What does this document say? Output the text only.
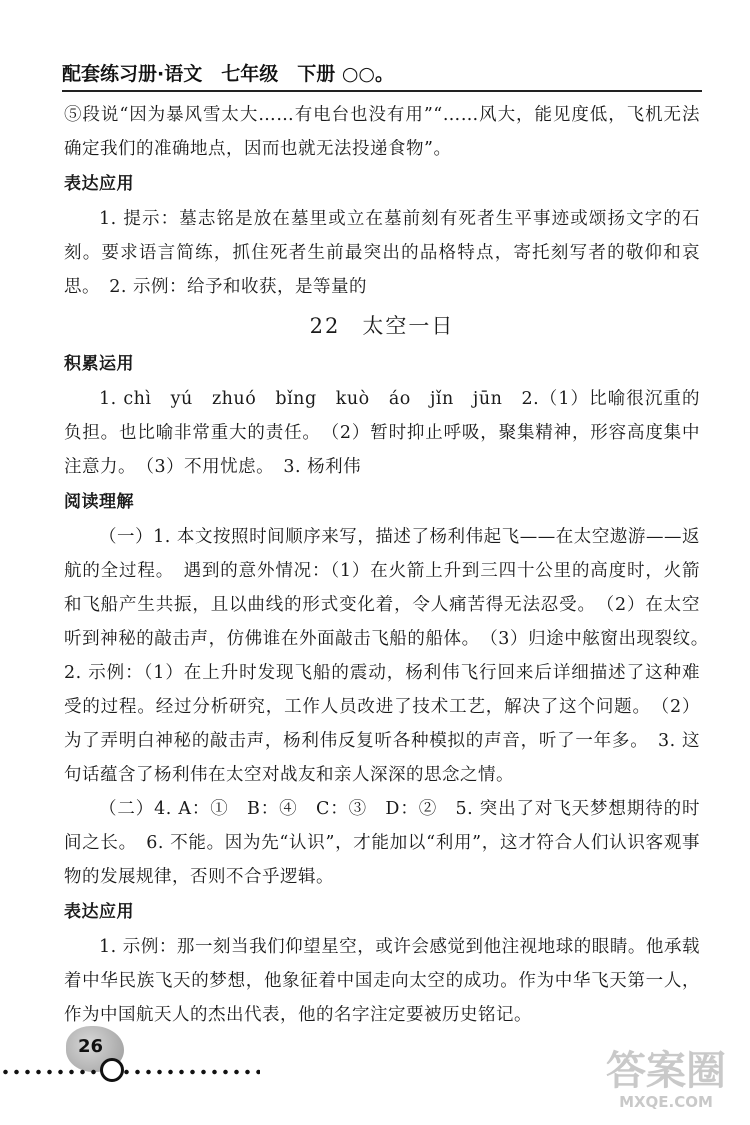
配套练习册·语文　七年级　下册 ○○。

⑤段说“因为暴风雪太大……有电台也没有用”“……风大，能见度低，飞机无法确定我们的准确地点，因而也就无法投递食物”。

表达应用

1. 提示：墓志铭是放在墓里或立在墓前刻有死者生平事迹或颂扬文字的石刻。要求语言简练，抓住死者生前最突出的品格特点，寄托刻写者的敬仰和哀思。　2. 示例：给予和收获，是等量的

22 太空一日
积累运用

1. chì　yú　zhuó　bǐng　kuò　áo　jǐn　jūn　2.（1）比喻很沉重的负担。也比喻非常重大的责任。　（2）暂时抑止呼吸，聚集精神，形容高度集中注意力。　（3）不用忧虑。　3. 杨利伟

阅读理解

（一）1. 本文按照时间顺序来写，描述了杨利伟起飞——在太空遨游——返航的全过程。　遇到的意外情况：（1）在火箭上升到三四十公里的高度时，火箭和飞船产生共振，且以曲线的形式变化着，令人痛苦得无法忍受。　（2）在太空听到神秘的敲击声，仿佛谁在外面敲击飞船的船体。　（3）归途中舷窗出现裂纹。　2. 示例：（1）在上升时发现飞船的震动，杨利伟飞行回来后详细描述了这种难受的过程。经过分析研究，工作人员改进了技术工艺，解决了这个问题。　（2）为了弄明白神秘的敲击声，杨利伟反复听各种模拟的声音，听了一年多。　3. 这句话蕴含了杨利伟在太空对战友和亲人深深的思念之情。

（二）4. A：①　B：④　C：③　D：②　5. 突出了对飞天梦想期待的时间之长。　6. 不能。因为先“认识”，才能加以“利用”，这才符合人们认识客观事物的发展规律，否则不合乎逻辑。

表达应用

1. 示例：那一刻当我们仰望星空，或许会感觉到他注视地球的眼睛。他承载着中华民族飞天的梦想，他象征着中国走向太空的成功。作为中华飞天第一人，作为中国航天人的杰出代表，他的名字注定要被历史铭记。

26
答案圈
MXQE.COM
